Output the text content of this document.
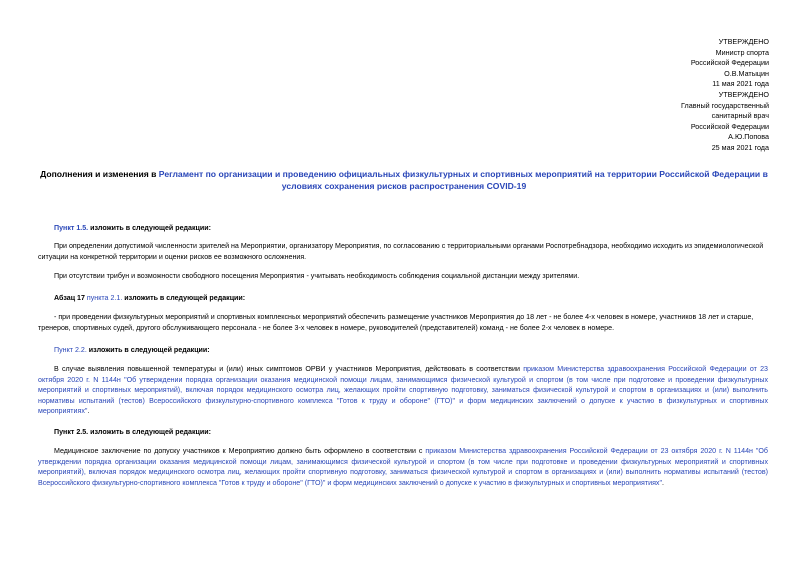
УТВЕРЖДЕНО
Министр спорта
Российской Федерации
О.В.Матыцин
11 мая 2021 года
УТВЕРЖДЕНО
Главный государственный
санитарный врач
Российской Федерации
А.Ю.Попова
25 мая 2021 года
Дополнения и изменения в Регламент по организации и проведению официальных физкультурных и спортивных мероприятий на территории Российской Федерации в условиях сохранения рисков распространения COVID-19

Пункт 1.5. изложить в следующей редакции:

При определении допустимой численности зрителей на Мероприятии, организатору Мероприятия, по согласованию с территориальными органами Роспотребнадзора, необходимо исходить из эпидемиологической ситуации на конкретной территории и оценки рисков ее возможного осложнения.

При отсутствии трибун и возможности свободного посещения Мероприятия - учитывать необходимость соблюдения социальной дистанции между зрителями.

Абзац 17 пункта 2.1. изложить в следующей редакции:

- при проведении физкультурных мероприятий и спортивных комплексных мероприятий обеспечить размещение участников Мероприятия до 18 лет - не более 4-х человек в номере, участников 18 лет и старше, тренеров, спортивных судей, другого обслуживающего персонала - не более 3-х человек в номере, руководителей (представителей) команд - не более 2-х человек в номере.

Пункт 2.2. изложить в следующей редакции:

В случае выявления повышенной температуры и (или) иных симптомов ОРВИ у участников Мероприятия, действовать в соответствии приказом Министерства здравоохранения Российской Федерации от 23 октября 2020 г. N 1144н "Об утверждении порядка организации оказания медицинской помощи лицам, занимающимся физической культурой и спортом (в том числе при подготовке и проведении физкультурных мероприятий и спортивных мероприятий), включая порядок медицинского осмотра лиц, желающих пройти спортивную подготовку, заниматься физической культурой и спортом в организациях и (или) выполнить нормативы испытаний (тестов) Всероссийского физкультурно-спортивного комплекса "Готов к труду и обороне" (ГТО)" и форм медицинских заключений о допуске к участию в физкультурных и спортивных мероприятиях".

Пункт 2.5. изложить в следующей редакции:

Медицинское заключение по допуску участников к Мероприятию должно быть оформлено в соответствии с приказом Министерства здравоохранения Российской Федерации от 23 октября 2020 г. N 1144н "Об утверждении порядка организации оказания медицинской помощи лицам, занимающимся физической культурой и спортом (в том числе при подготовке и проведении физкультурных мероприятий и спортивных мероприятий), включая порядок медицинского осмотра лиц, желающих пройти спортивную подготовку, заниматься физической культурой и спортом в организациях и (или) выполнить нормативы испытаний (тестов) Всероссийского физкультурно-спортивного комплекса "Готов к труду и обороне" (ГТО)" и форм медицинских заключений о допуске к участию в физкультурных и спортивных мероприятиях".
